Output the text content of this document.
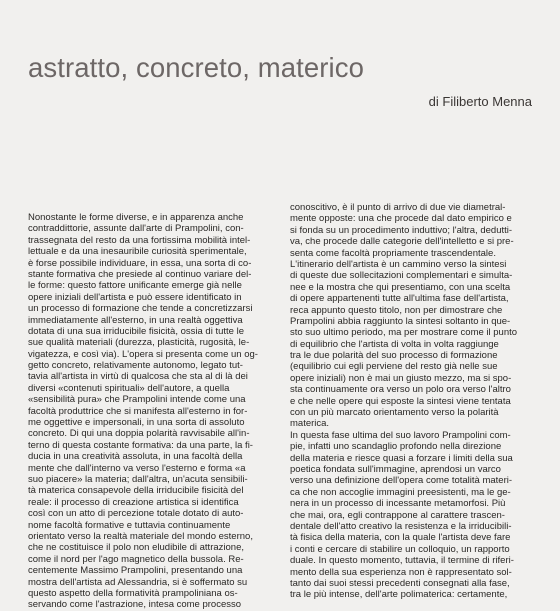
astratto, concreto, materico

di Filiberto Menna

Nonostante le forme diverse, e in apparenza anche
contraddittorie, assunte dall'arte di Prampolini, con-
trassegnata del resto da una fortissima mobilità intel-
lettuale e da una inesauribile curiosità sperimentale,
è forse possibile individuare, in essa, una sorta di co-
stante formativa che presiede al continuo variare del-
le forme: questo fattore unificante emerge già nelle
opere iniziali dell'artista e può essere identificato in
un processo di formazione che tende a concretizzarsi
immediatamente all'esterno, in una realtà oggettiva
dotata di una sua irriducibile fisicità, ossia di tutte le
sue qualità materiali (durezza, plasticità, rugosità, le-
vigatezza, e così via). L'opera si presenta come un og-
getto concreto, relativamente autonomo, legato tut-
tavia all'artista in virtù di qualcosa che sta al di là dei
diversi «contenuti spirituali» dell'autore, a quella
«sensibilità pura» che Prampolini intende come una
facoltà produttrice che si manifesta all'esterno in for-
me oggettive e impersonali, in una sorta di assoluto
concreto. Di qui una doppia polarità ravvisabile all'in-
terno di questa costante formativa: da una parte, la fi-
ducia in una creatività assoluta, in una facoltà della
mente che dall'interno va verso l'esterno e forma «a
suo piacere» la materia; dall'altra, un'acuta sensibili-
tà materica consapevole della irriducibile fisicità del
reale: il processo di creazione artistica si identifica
così con un atto di percezione totale dotato di auto-
nome facoltà formative e tuttavia continuamente
orientato verso la realtà materiale del mondo esterno,
che ne costituisce il polo non eludibile di attrazione,
come il nord per l'ago magnetico della bussola. Re-
centemente Massimo Prampolini, presentando una
mostra dell'artista ad Alessandria, si è soffermato su
questo aspetto della formatività prampoliniana os-
servando come l'astrazione, intesa come processo
conoscitivo, è il punto di arrivo di due vie diametral-
mente opposte: una che procede dal dato empirico e
si fonda su un procedimento induttivo; l'altra, dedutti-
va, che procede dalle categorie dell'intelletto e si pre-
senta come facoltà propriamente trascendentale.
L'itinerario dell'artista è un cammino verso la sintesi
di queste due sollecitazioni complementari e simulta-
nee e la mostra che qui presentiamo, con una scelta
di opere appartenenti tutte all'ultima fase dell'artista,
reca appunto questo titolo, non per dimostrare che
Prampolini abbia raggiunto la sintesi soltanto in que-
sto suo ultimo periodo, ma per mostrare come il punto
di equilibrio che l'artista di volta in volta raggiunge
tra le due polarità del suo processo di formazione
(equilibrio cui egli perviene del resto già nelle sue
opere iniziali) non è mai un giusto mezzo, ma si spo-
sta continuamente ora verso un polo ora verso l'altro
e che nelle opere qui esposte la sintesi viene tentata
con un più marcato orientamento verso la polarità
materica.
In questa fase ultima del suo lavoro Prampolini com-
pie, infatti uno scandaglio profondo nella direzione
della materia e riesce quasi a forzare i limiti della sua
poetica fondata sull'immagine, aprendosi un varco
verso una definizione dell'opera come totalità materi-
ca che non accoglie immagini preesistenti, ma le ge-
nera in un processo di incessante metamorfosi. Più
che mai, ora, egli contrappone al carattere trascen-
dentale dell'atto creativo la resistenza e la irriducibili-
tà fisica della materia, con la quale l'artista deve fare
i conti e cercare di stabilire un colloquio, un rapporto
duale. In questo momento, tuttavia, il termine di riferi-
mento della sua esperienza non è rappresentato sol-
tanto dai suoi stessi precedenti consegnati alla fase,
tra le più intense, dell'arte polimaterica: certamente,
